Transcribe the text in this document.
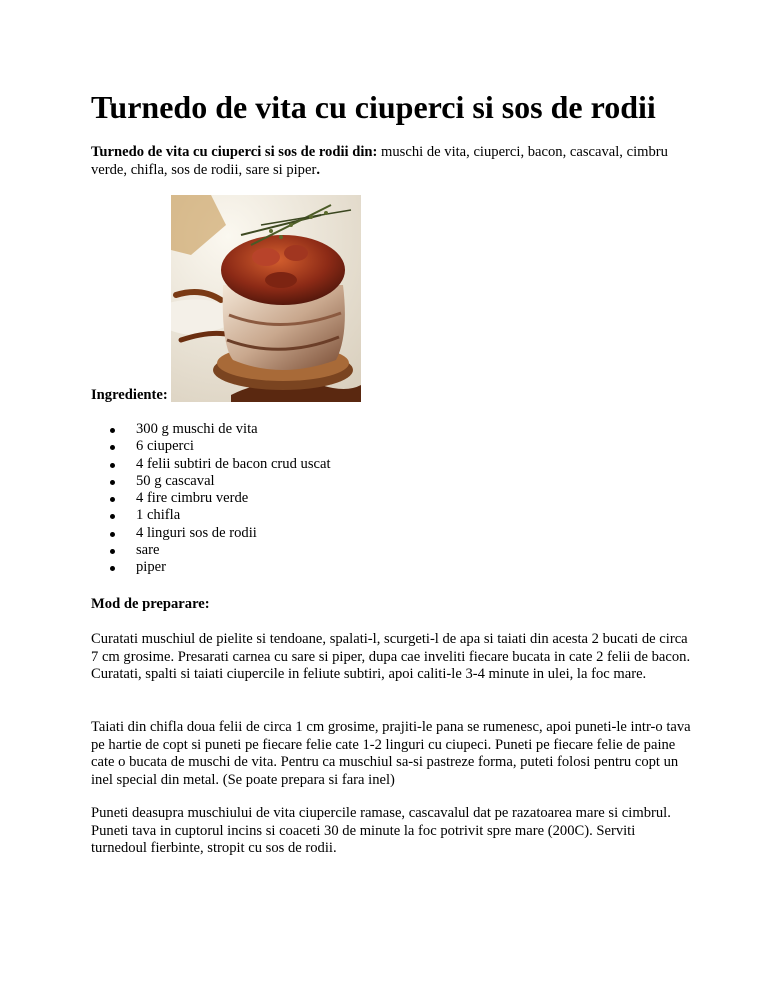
Turnedo de vita cu ciuperci si sos de rodii

Turnedo de vita cu ciuperci si sos de rodii din: muschi de vita, ciuperci, bacon, cascaval, cimbru verde, chifla, sos de rodii, sare si piper.

Ingrediente:

300 g muschi de vita
6 ciuperci
4 felii subtiri de bacon crud uscat
50 g cascaval
4 fire cimbru verde
1 chifla
4 linguri sos de rodii
sare
piper

Mod de preparare:

Curatati muschiul de pielite si tendoane, spalati-l, scurgeti-l de apa si taiati din acesta 2 bucati de circa 7 cm grosime. Presarati carnea cu sare si piper, dupa cae inveliti fiecare bucata in cate 2 felii de bacon. Curatati, spalti si taiati ciupercile in feliute subtiri, apoi caliti-le 3-4 minute in ulei, la foc mare.

Taiati din chifla doua felii de circa 1 cm grosime, prajiti-le pana se rumenesc, apoi puneti-le intr-o tava pe hartie de copt si puneti pe fiecare felie cate 1-2 linguri cu ciupeci. Puneti pe fiecare felie de paine cate o bucata de muschi de vita. Pentru ca muschiul sa-si pastreze forma, puteti folosi pentru copt un inel special din metal. (Se poate prepara si fara inel)

Puneti deasupra muschiului de vita ciupercile ramase, cascavalul dat pe razatoarea mare si cimbrul. Puneti tava in cuptorul incins si coaceti 30 de minute la foc potrivit spre mare (200C). Serviti turnedoul fierbinte, stropit cu sos de rodii.
